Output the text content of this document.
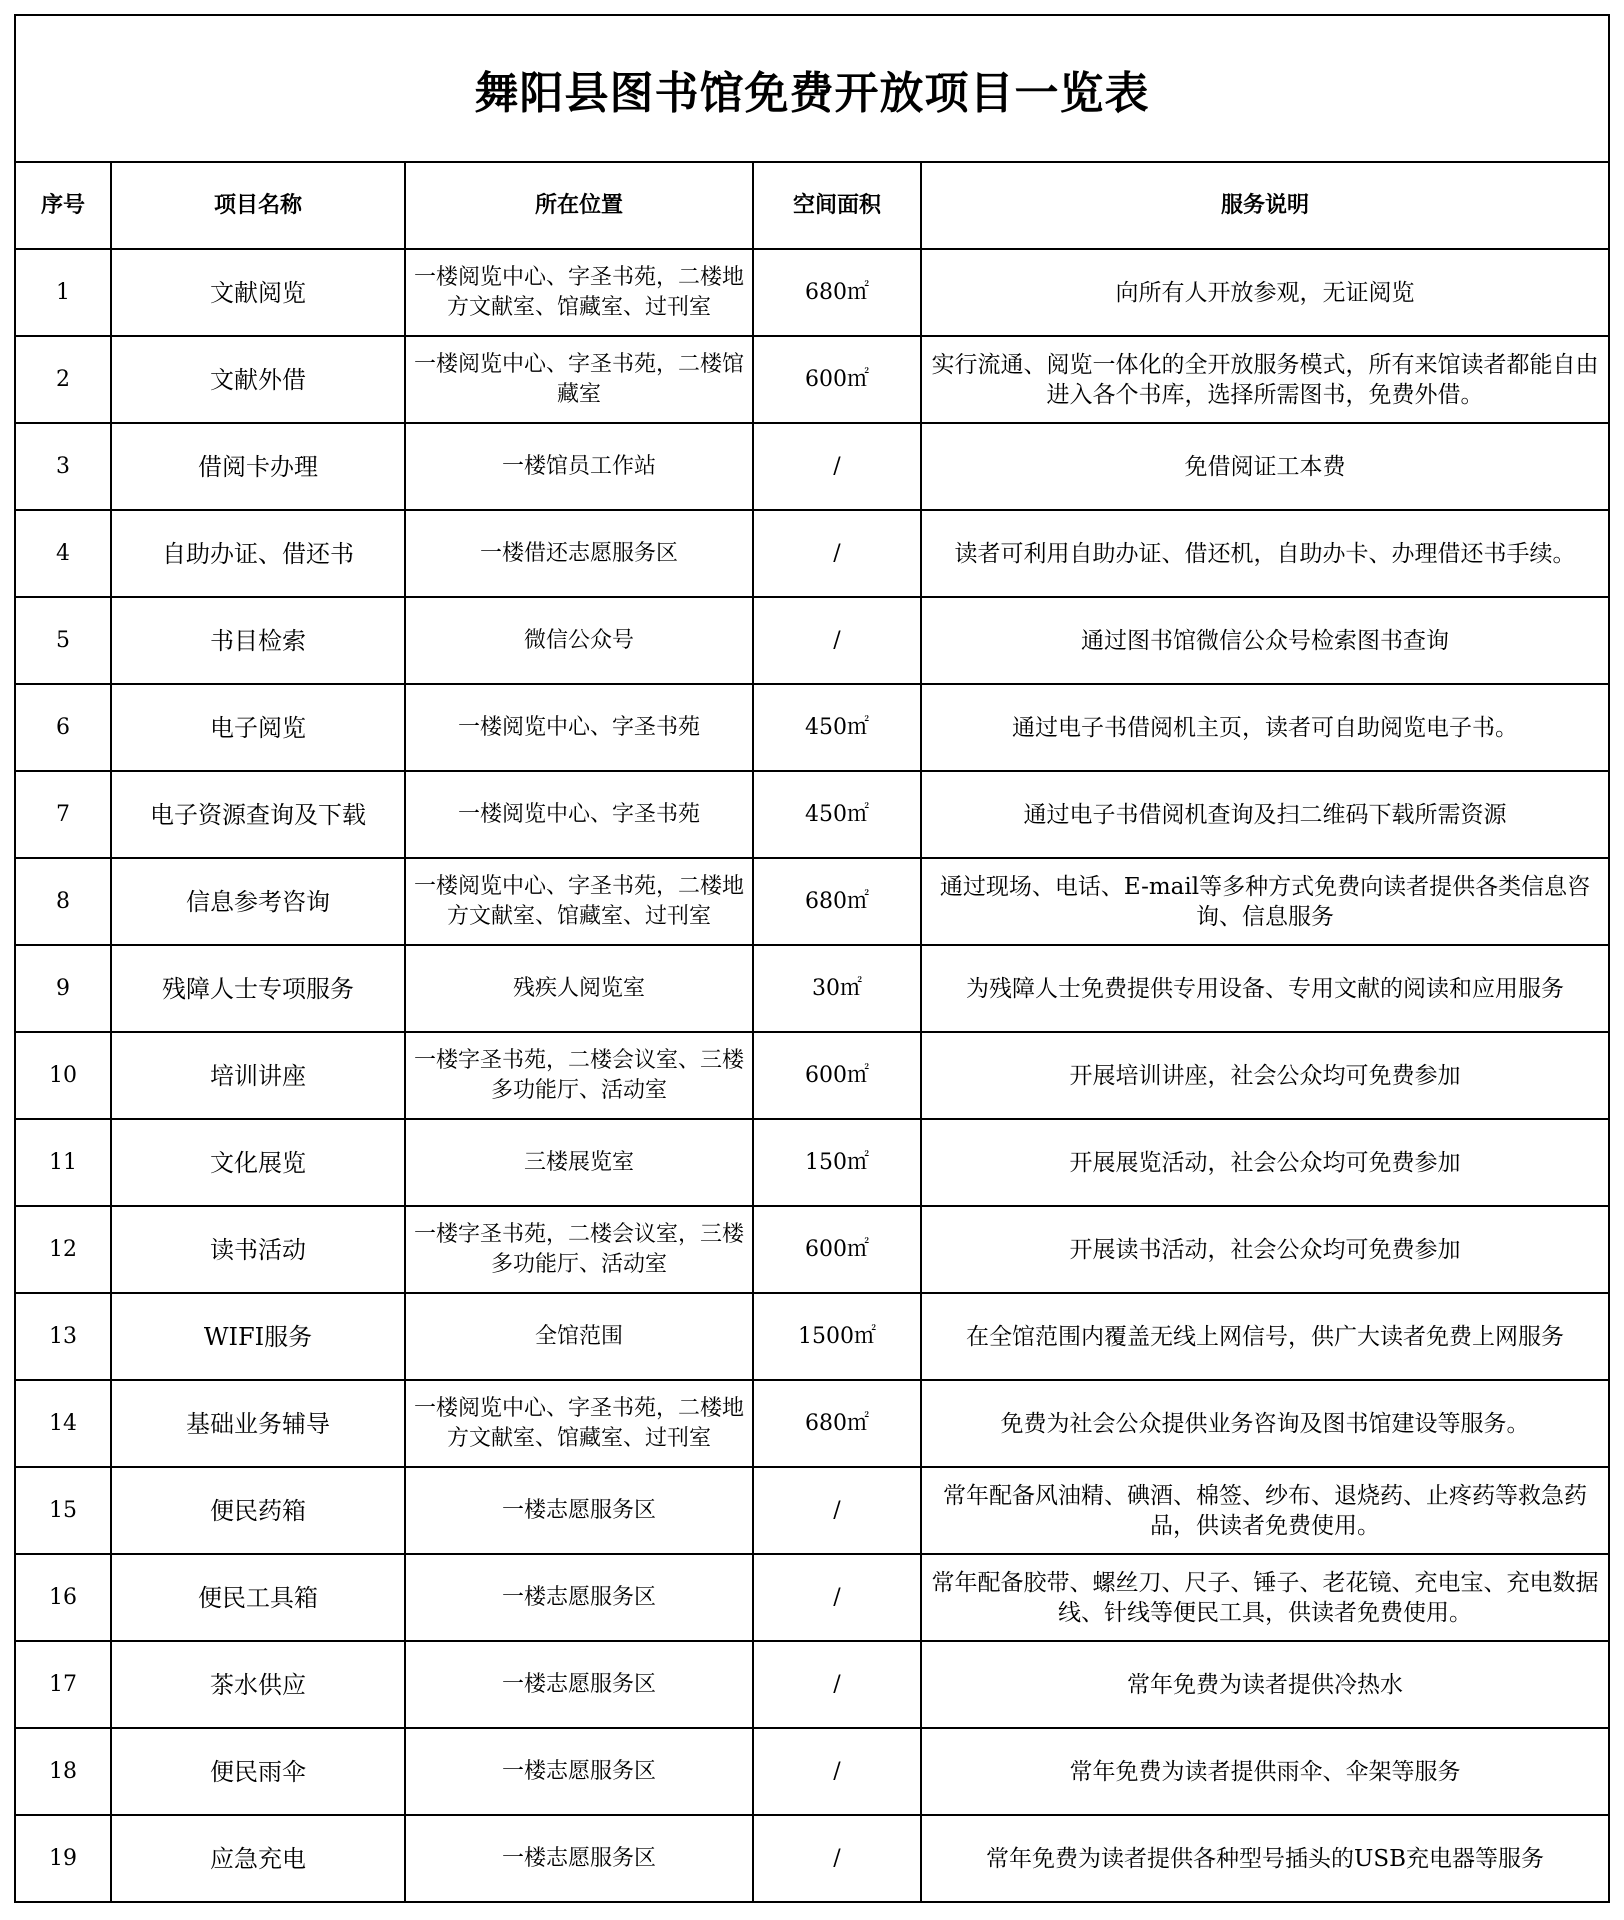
舞阳县图书馆免费开放项目一览表
序号	项目名称	所在位置	空间面积	服务说明
1	文献阅览	一楼阅览中心、字圣书苑，二楼地方文献室、馆藏室、过刊室	680㎡	向所有人开放参观，无证阅览
2	文献外借	一楼阅览中心、字圣书苑，二楼馆藏室	600㎡	实行流通、阅览一体化的全开放服务模式，所有来馆读者都能自由进入各个书库，选择所需图书，免费外借。
3	借阅卡办理	一楼馆员工作站	/	免借阅证工本费
4	自助办证、借还书	一楼借还志愿服务区	/	读者可利用自助办证、借还机，自助办卡、办理借还书手续。
5	书目检索	微信公众号	/	通过图书馆微信公众号检索图书查询
6	电子阅览	一楼阅览中心、字圣书苑	450㎡	通过电子书借阅机主页，读者可自助阅览电子书。
7	电子资源查询及下载	一楼阅览中心、字圣书苑	450㎡	通过电子书借阅机查询及扫二维码下载所需资源
8	信息参考咨询	一楼阅览中心、字圣书苑，二楼地方文献室、馆藏室、过刊室	680㎡	通过现场、电话、E-mail等多种方式免费向读者提供各类信息咨询、信息服务
9	残障人士专项服务	残疾人阅览室	30㎡	为残障人士免费提供专用设备、专用文献的阅读和应用服务
10	培训讲座	一楼字圣书苑，二楼会议室、三楼多功能厅、活动室	600㎡	开展培训讲座，社会公众均可免费参加
11	文化展览	三楼展览室	150㎡	开展展览活动，社会公众均可免费参加
12	读书活动	一楼字圣书苑，二楼会议室，三楼多功能厅、活动室	600㎡	开展读书活动，社会公众均可免费参加
13	WIFI服务	全馆范围	1500㎡	在全馆范围内覆盖无线上网信号，供广大读者免费上网服务
14	基础业务辅导	一楼阅览中心、字圣书苑，二楼地方文献室、馆藏室、过刊室	680㎡	免费为社会公众提供业务咨询及图书馆建设等服务。
15	便民药箱	一楼志愿服务区	/	常年配备风油精、碘酒、棉签、纱布、退烧药、止疼药等救急药品，供读者免费使用。
16	便民工具箱	一楼志愿服务区	/	常年配备胶带、螺丝刀、尺子、锤子、老花镜、充电宝、充电数据线、针线等便民工具，供读者免费使用。
17	茶水供应	一楼志愿服务区	/	常年免费为读者提供冷热水
18	便民雨伞	一楼志愿服务区	/	常年免费为读者提供雨伞、伞架等服务
19	应急充电	一楼志愿服务区	/	常年免费为读者提供各种型号插头的USB充电器等服务
